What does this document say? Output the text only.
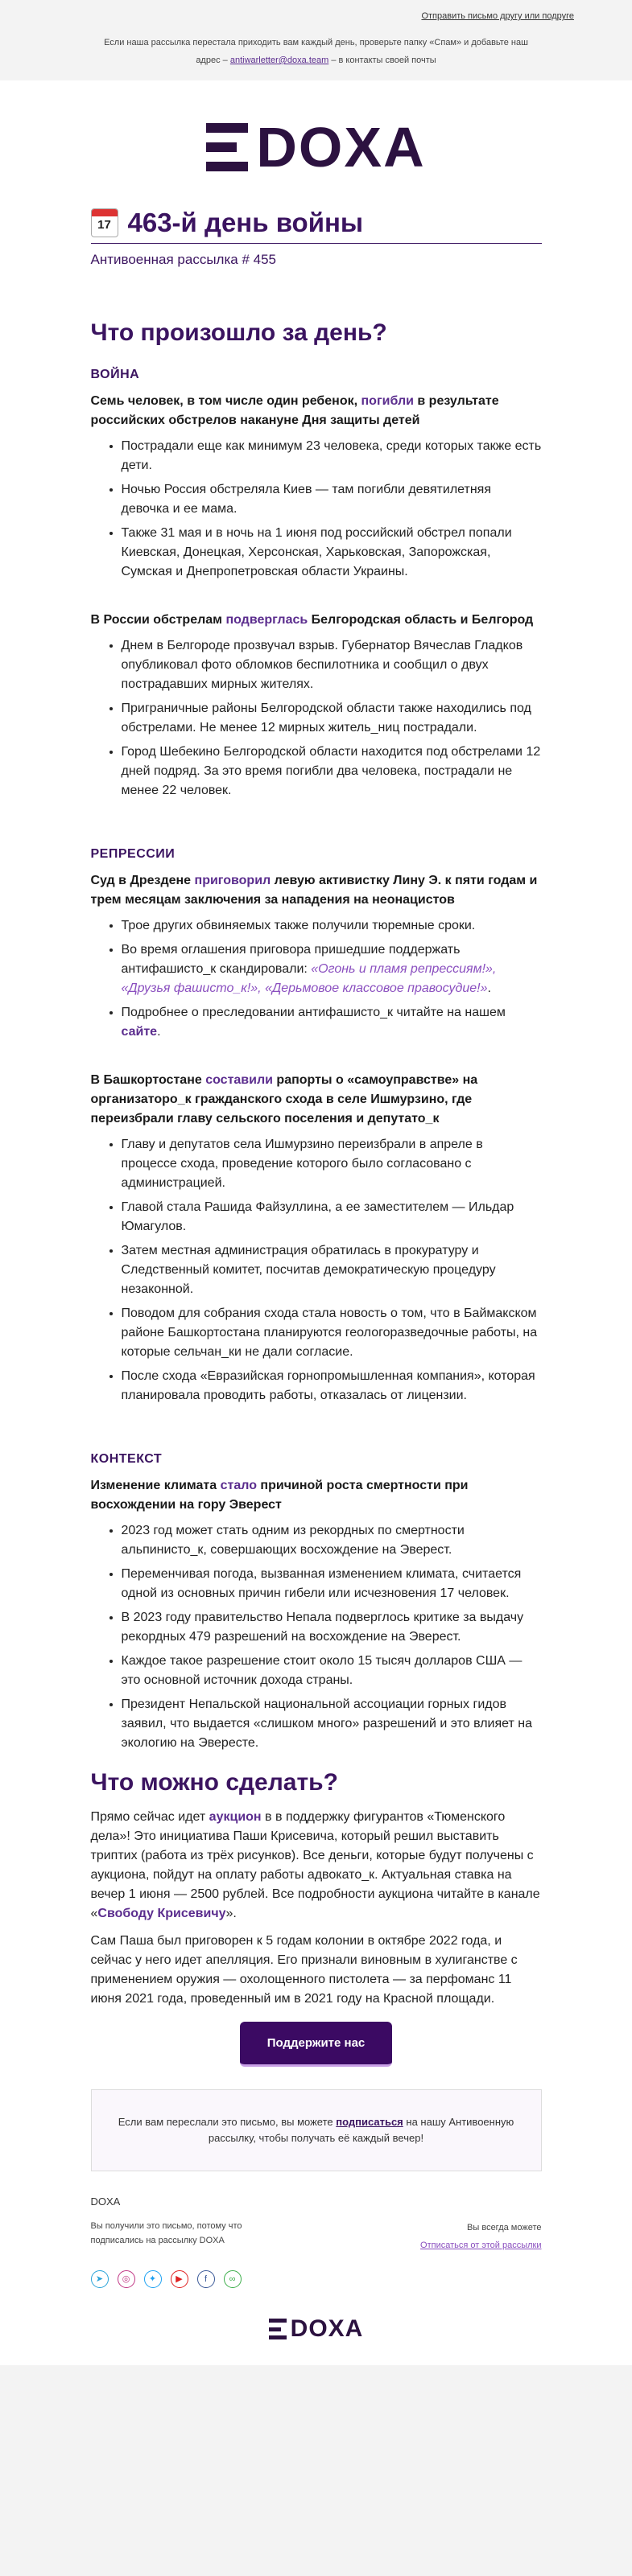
Отправить письмо другу или подруге
Если наша рассылка перестала приходить вам каждый день, проверьте папку «Спам» и добавьте наш адрес – antiwarletter@doxa.team – в контакты своей почты
DOXA
17 463-й день войны
Антивоенная рассылка # 455
Что произошло за день?
ВОЙНА

Семь человек, в том числе один ребенок, погибли в результате российских обстрелов накануне Дня защиты детей

• Пострадали еще как минимум 23 человека, среди которых также есть дети.
• Ночью Россия обстреляла Киев — там погибли девятилетняя девочка и ее мама.
• Также 31 мая и в ночь на 1 июня под российский обстрел попали Киевская, Донецкая, Херсонская, Харьковская, Запорожская, Сумская и Днепропетровская области Украины.

В России обстрелам подверглась Белгородская область и Белгород

• Днем в Белгороде прозвучал взрыв. Губернатор Вячеслав Гладков опубликовал фото обломков беспилотника и сообщил о двух пострадавших мирных жителях.
• Приграничные районы Белгородской области также находились под обстрелами. Не менее 12 мирных житель_ниц пострадали.
• Город Шебекино Белгородской области находится под обстрелами 12 дней подряд. За это время погибли два человека, пострадали не менее 22 человек.
РЕПРЕССИИ

Суд в Дрездене приговорил левую активистку Лину Э. к пяти годам и трем месяцам заключения за нападения на неонацистов

• Трое других обвиняемых также получили тюремные сроки.
• Во время оглашения приговора пришедшие поддержать антифашисто_к скандировали: «Огонь и пламя репрессиям!», «Друзья фашисто_к!», «Дерьмовое классовое правосудие!».
• Подробнее о преследовании антифашисто_к читайте на нашем сайте.

В Башкортостане составили рапорты о «самоуправстве» на организаторо_к гражданского схода в селе Ишмурзино, где переизбрали главу сельского поселения и депутато_к

• Главу и депутатов села Ишмурзино переизбрали в апреле в процессе схода, проведение которого было согласовано с администрацией.
• Главой стала Рашида Файзуллина, а ее заместителем — Ильдар Юмагулов.
• Затем местная администрация обратилась в прокуратуру и Следственный комитет, посчитав демократическую процедуру незаконной.
• Поводом для собрания схода стала новость о том, что в Баймакском районе Башкортостана планируются геологоразведочные работы, на которые сельчан_ки не дали согласие.
• После схода «Евразийская горнопромышленная компания», которая планировала проводить работы, отказалась от лицензии.
КОНТЕКСТ

Изменение климата стало причиной роста смертности при восхождении на гору Эверест

• 2023 год может стать одним из рекордных по смертности альпинисто_к, совершающих восхождение на Эверест.
• Переменчивая погода, вызванная изменением климата, считается одной из основных причин гибели или исчезновения 17 человек.
• В 2023 году правительство Непала подверглось критике за выдачу рекордных 479 разрешений на восхождение на Эверест.
• Каждое такое разрешение стоит около 15 тысяч долларов США — это основной источник дохода страны.
• Президент Непальской национальной ассоциации горных гидов заявил, что выдается «слишком много» разрешений и это влияет на экологию на Эвересте.
Что можно сделать?

Прямо сейчас идет аукцион в в поддержку фигурантов «Тюменского дела»! Это инициатива Паши Крисевича, который решил выставить триптих (работа из трёх рисунков). Все деньги, которые будут получены с аукциона, пойдут на оплату работы адвокато_к. Актуальная ставка на вечер 1 июня — 2500 рублей. Все подробности аукциона читайте в канале «Свободу Крисевичу».

Сам Паша был приговорен к 5 годам колонии в октябре 2022 года, и сейчас у него идет апелляция. Его признали виновным в хулиганстве с применением оружия — охолощенного пистолета — за перфоманс 11 июня 2021 года, проведенный им в 2021 году на Красной площади.

Поддержите нас
Если вам переслали это письмо, вы можете подписаться на нашу Антивоенную рассылку, чтобы получать её каждый вечер!
DOXA
Вы получили это письмо, потому что подписались на рассылку DOXA
Вы всегда можете
Отписаться от этой рассылки
➤	◎	✦	▶	f	∞
DOXA
